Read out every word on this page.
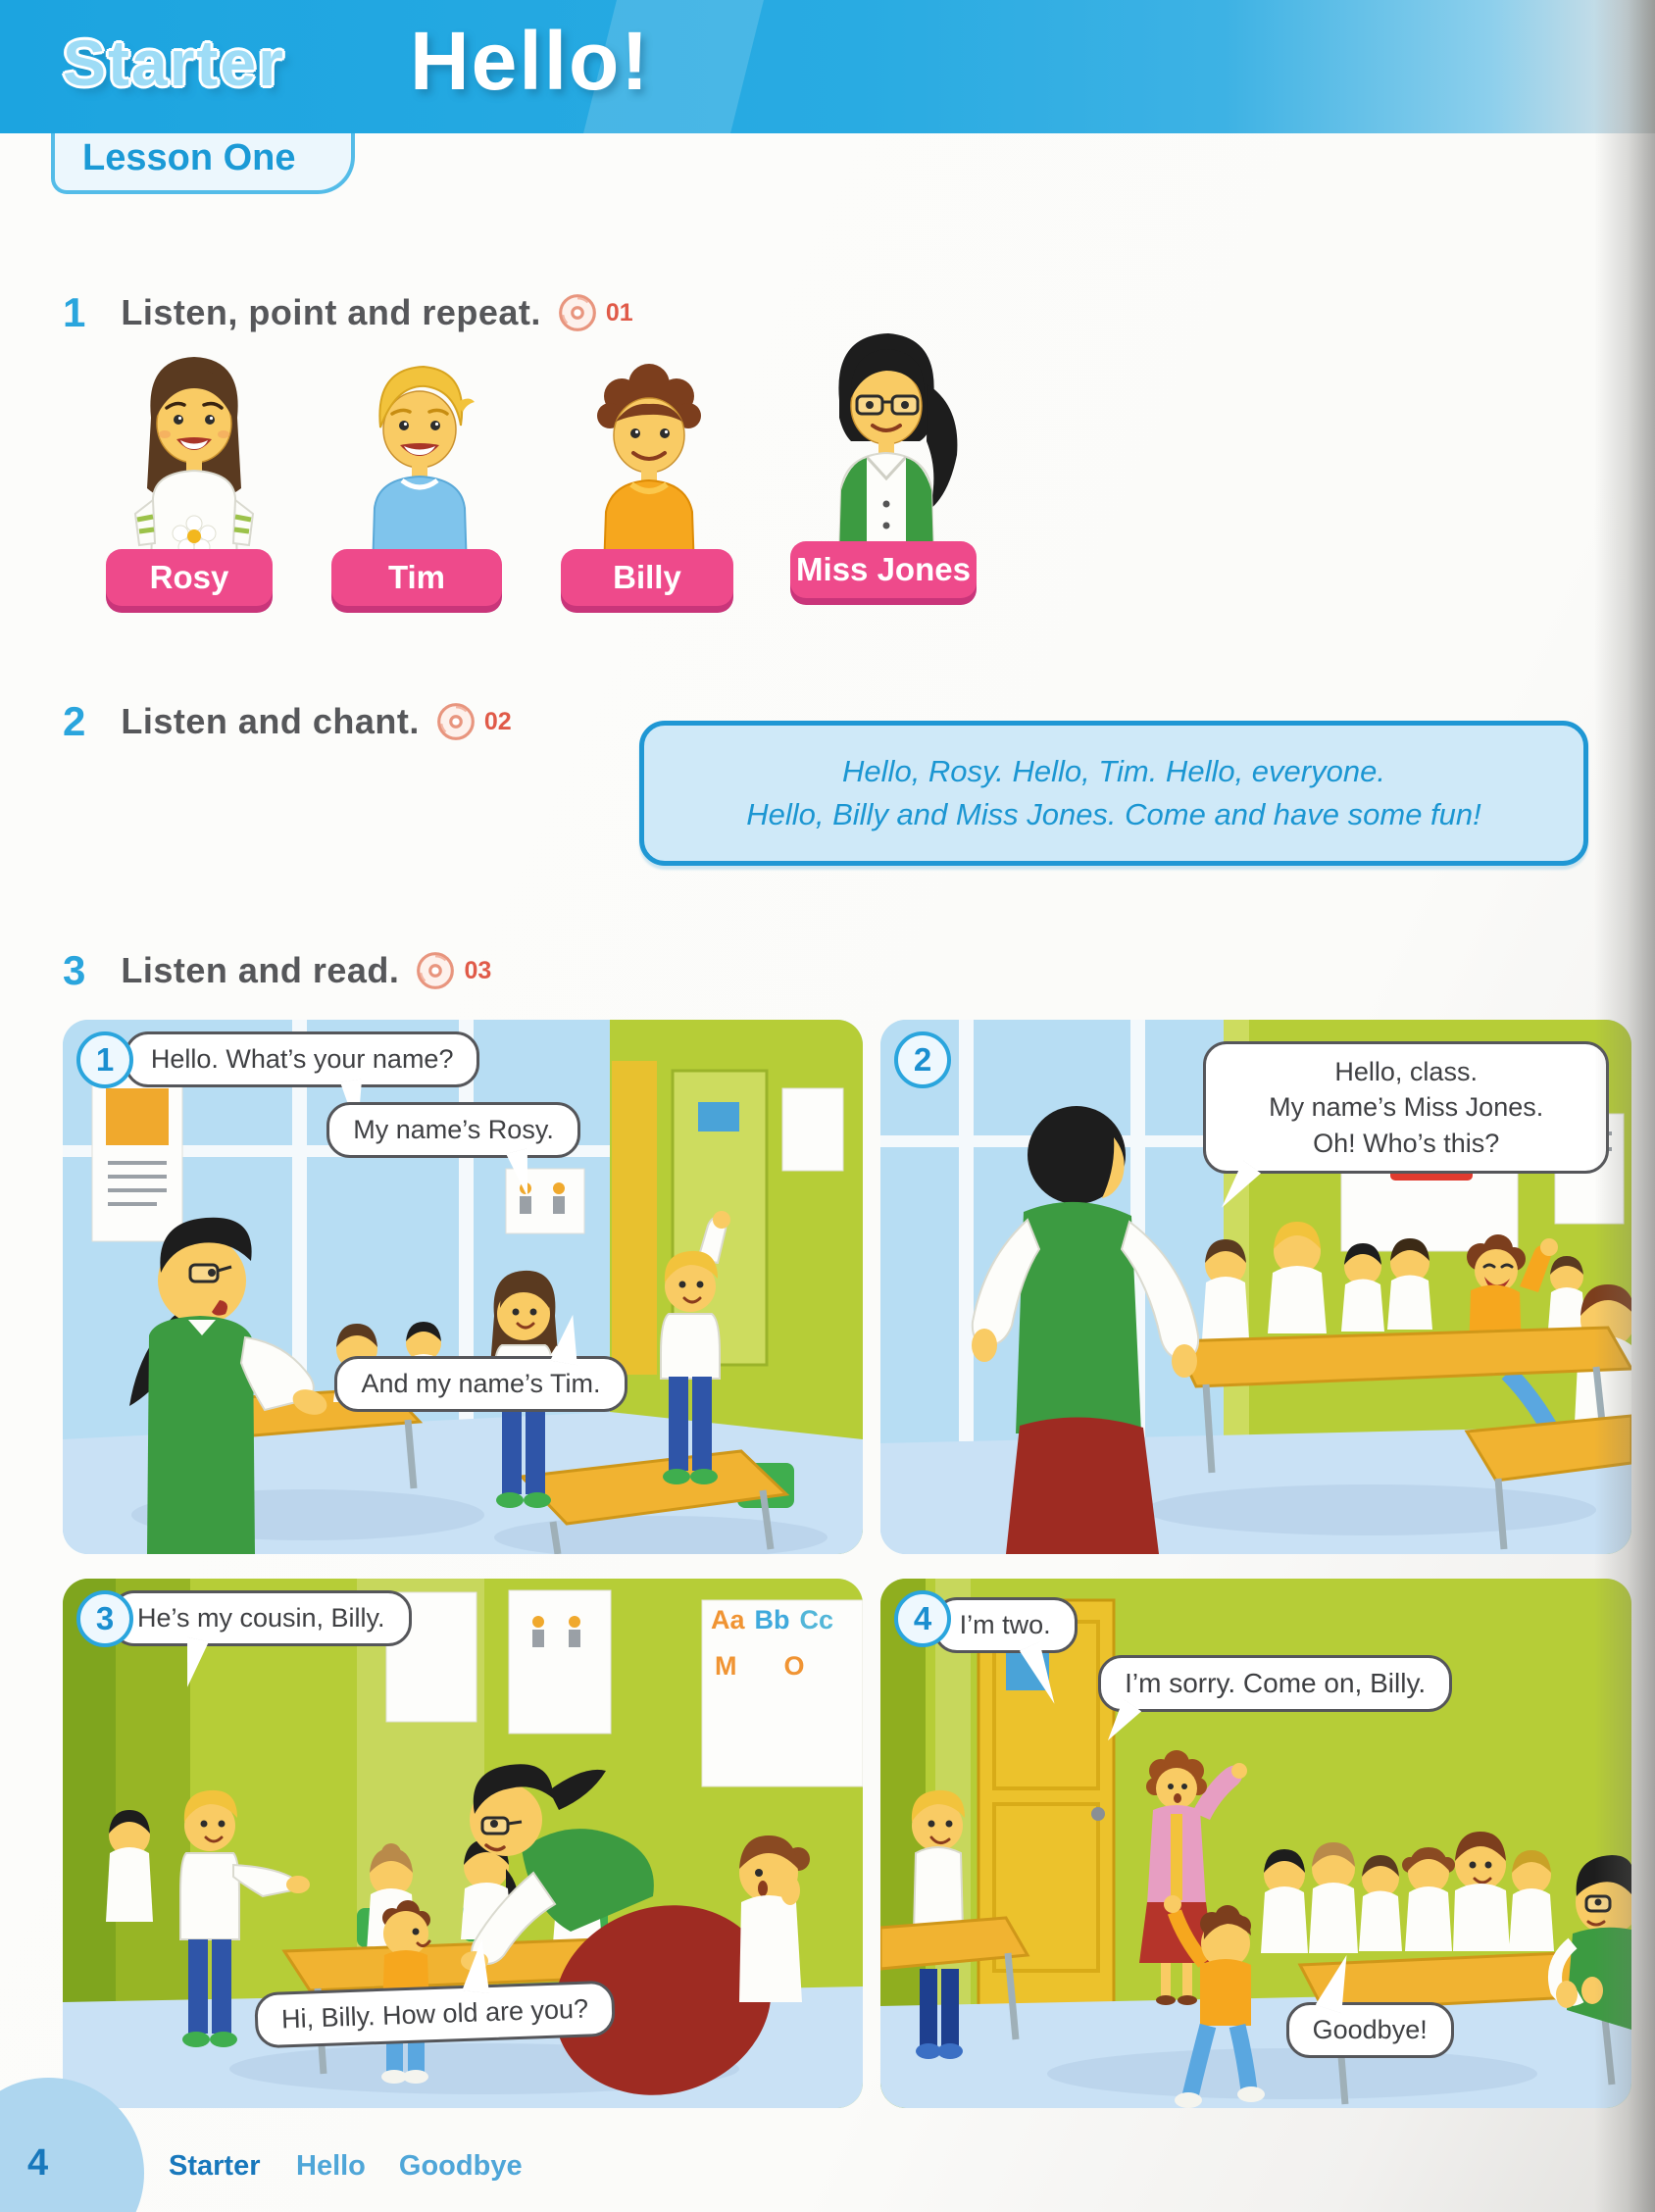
Starter Hello!
Lesson One
1 Listen, point and repeat.	01
Rosy	Tim	Billy	Miss Jones
2 Listen and chant.	02
Hello, Rosy. Hello, Tim. Hello, everyone.
Hello, Billy and Miss Jones. Come and have some fun!
3 Listen and read.	03
1	Hello. What’s your name?
My name’s Rosy.
And my name’s Tim.
2	Hello, class.
My name’s Miss Jones.
Oh! Who’s this?
3 He’s my cousin, Billy.
Hi, Billy. How old are you?
Aa Bb Cc
M O
4	I’m two.
I’m sorry. Come on, Billy.
Goodbye!
4	Starter Hello Goodbye
